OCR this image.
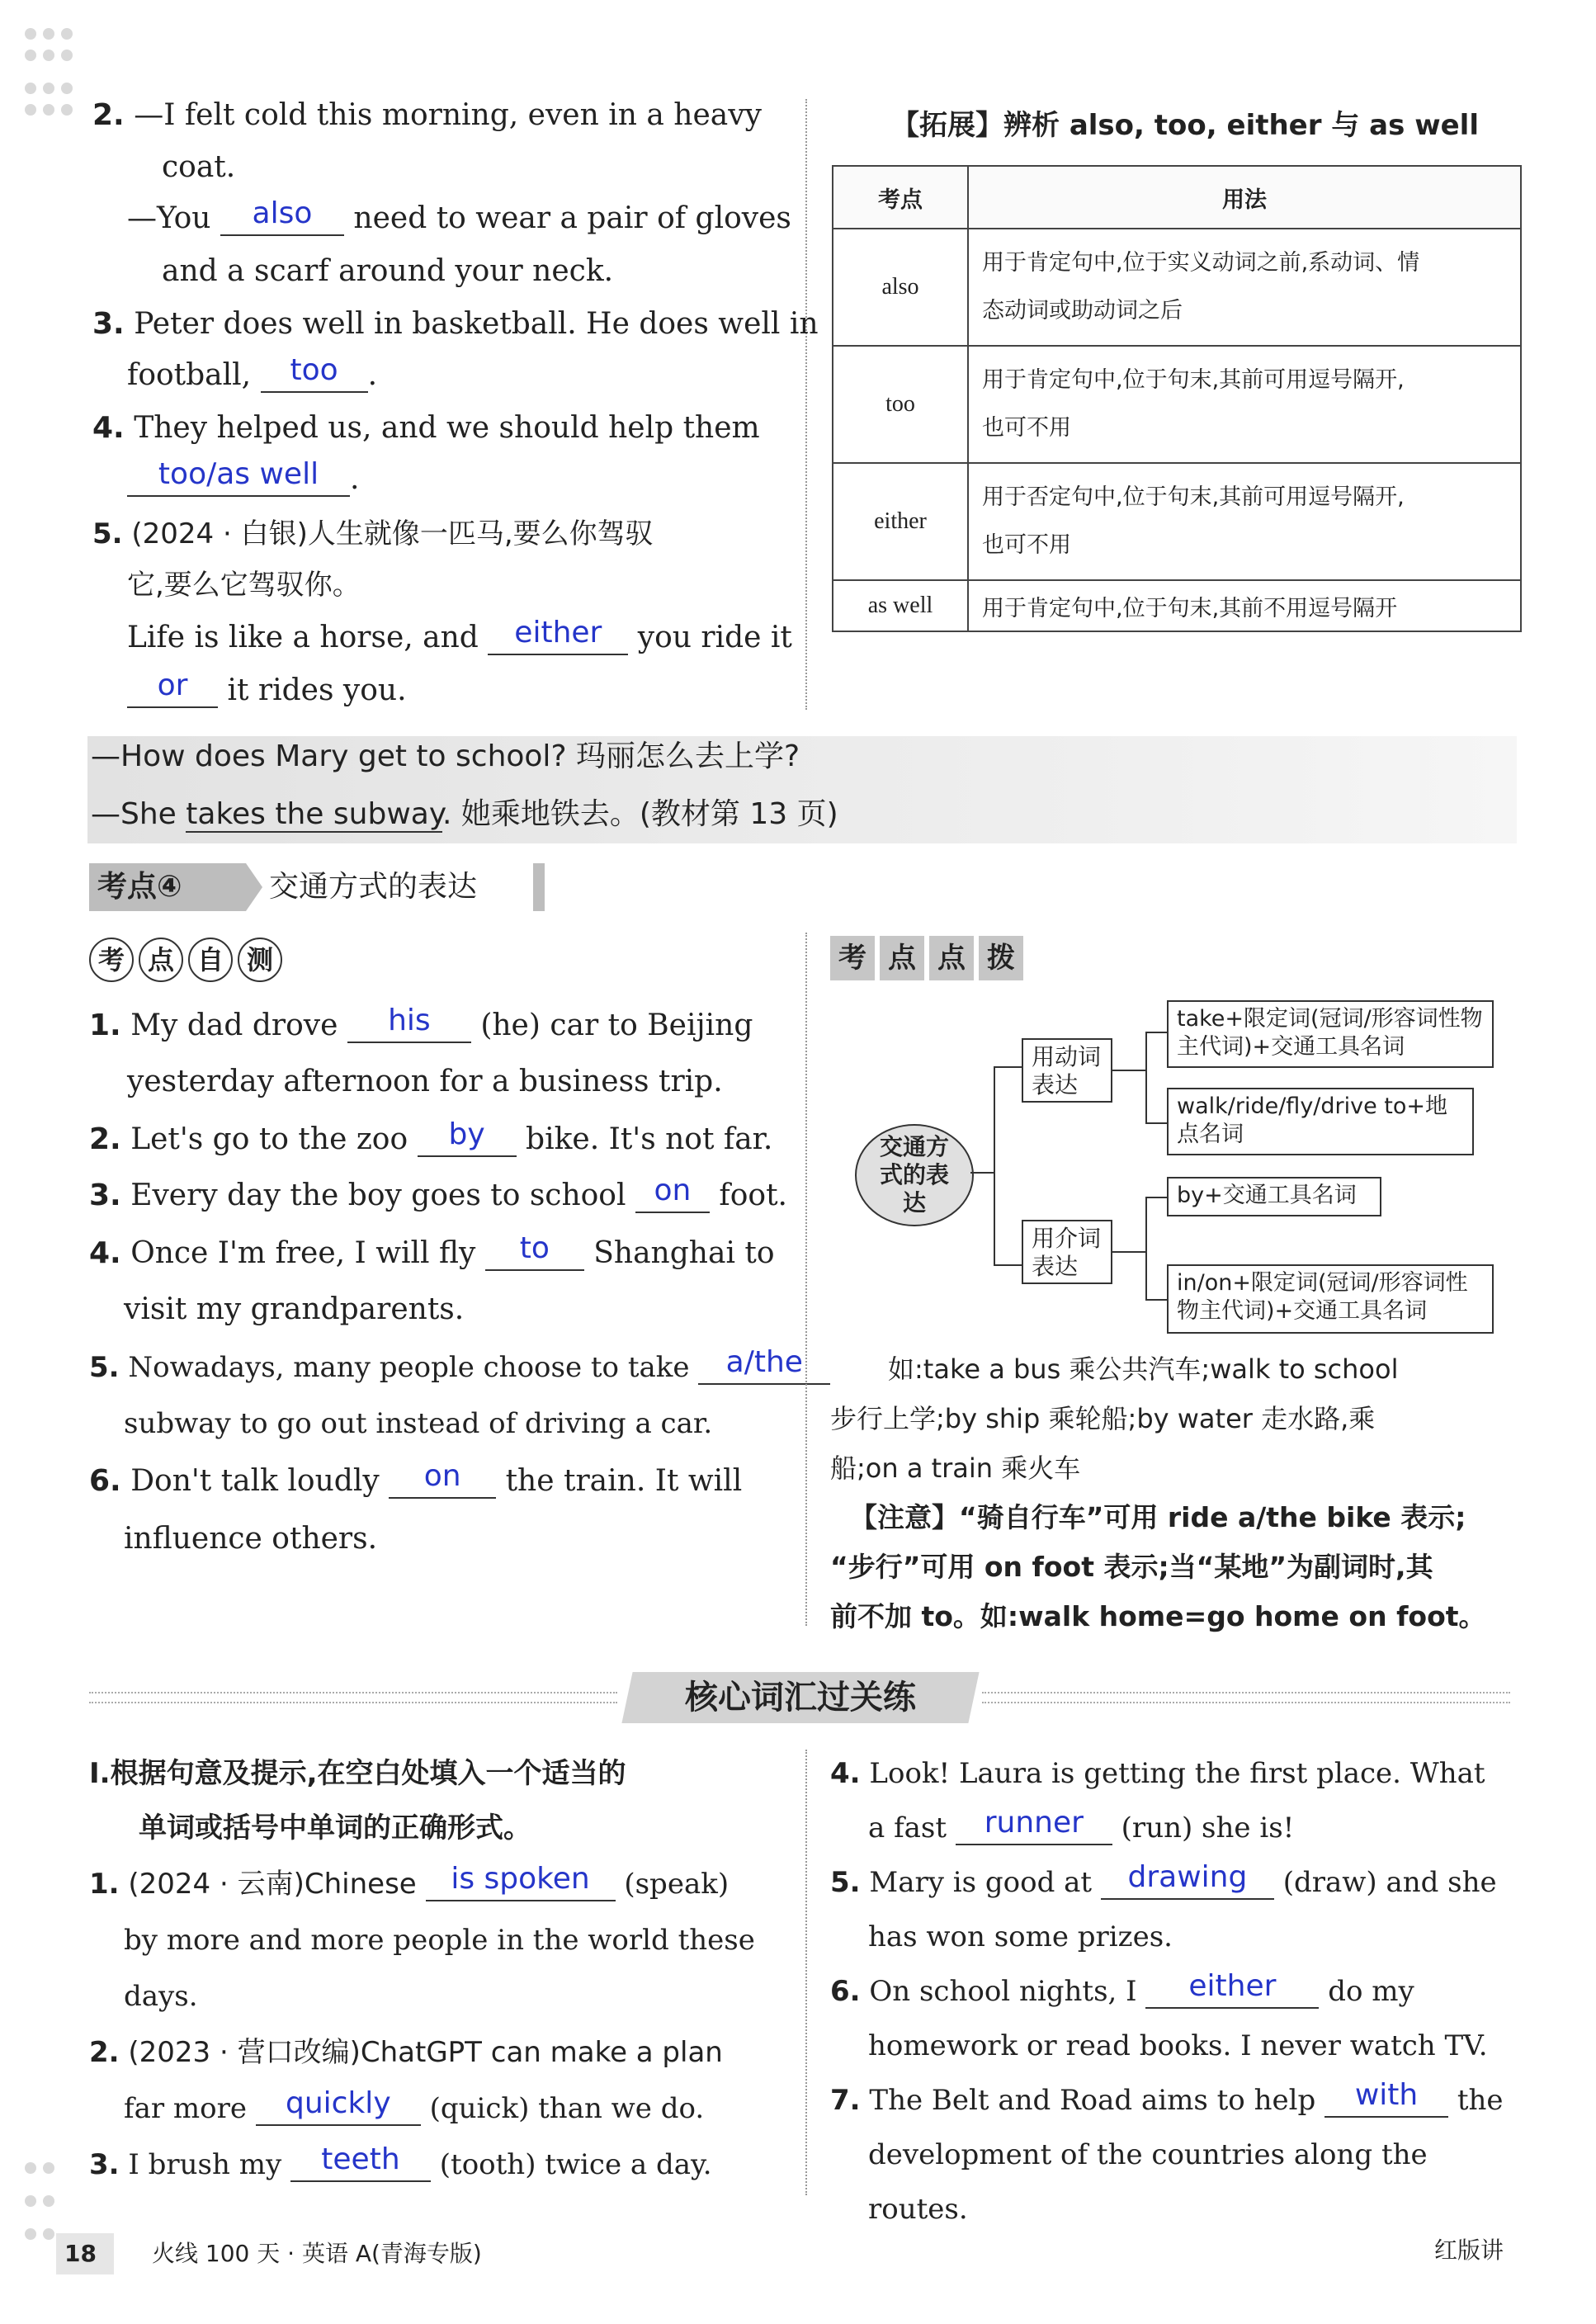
2. —I felt cold this morning, even in a heavy
coat.
—You also need to wear a pair of gloves
and a scarf around your neck.
3. Peter does well in basketball. He does well in
football, too .
4. They helped us, and we should help them
too/as well .
5. (2024 · 白银)人生就像一匹马,要么你驾驭
它,要么它驾驭你。
Life is like a horse, and either you ride it
or it rides you.
【拓展】辨析 also, too, either 与 as well
考点	用法
also	用于肯定句中,位于实义动词之前,系动词、情
态动词或助动词之后

too	用于肯定句中,位于句末,其前可用逗号隔开,
也可不用

either	用于否定句中,位于句末,其前可用逗号隔开,
也可不用

as well	用于肯定句中,位于句末,其前不用逗号隔开
—How does Mary get to school? 玛丽怎么去上学?
—She takes the subway. 她乘地铁去。(教材第 13 页)
考点④	交通方式的表达
考 点 自 测
1. My dad drove his (he) car to Beijing
yesterday afternoon for a business trip.
2. Let's go to the zoo by bike. It's not far.
3. Every day the boy goes to school on foot.
4. Once I'm free, I will fly to Shanghai to
visit my grandparents.
5. Nowadays, many people choose to take a/the
subway to go out instead of driving a car.
6. Don't talk loudly on the train. It will
influence others.
考 点 点 拨
交通方式的表达
用动词表达
用介词表达
take+限定词(冠词/形容词性物主代词)+交通工具名词
walk/ride/fly/drive to+地点名词
by+交通工具名词
in/on+限定词(冠词/形容词性物主代词)+交通工具名词
如:take a bus 乘公共汽车;walk to school
步行上学;by ship 乘轮船;by water 走水路,乘
船;on a train 乘火车
【注意】“骑自行车”可用 ride a/the bike 表示;
“步行”可用 on foot 表示;当“某地”为副词时,其
前不加 to。如:walk home=go home on foot。
核心词汇过关练
Ⅰ.根据句意及提示,在空白处填入一个适当的
单词或括号中单词的正确形式。
1. (2024 · 云南)Chinese is spoken (speak)
by more and more people in the world these
days.
2. (2023 · 营口改编)ChatGPT can make a plan
far more quickly (quick) than we do.
3. I brush my teeth (tooth) twice a day.
4. Look! Laura is getting the first place. What
a fast runner (run) she is!
5. Mary is good at drawing (draw) and she
has won some prizes.
6. On school nights, I either do my
homework or read books. I never watch TV.
7. The Belt and Road aims to help with the
development of the countries along the
routes.
18 火线 100 天 · 英语 A(青海专版)	红版讲
